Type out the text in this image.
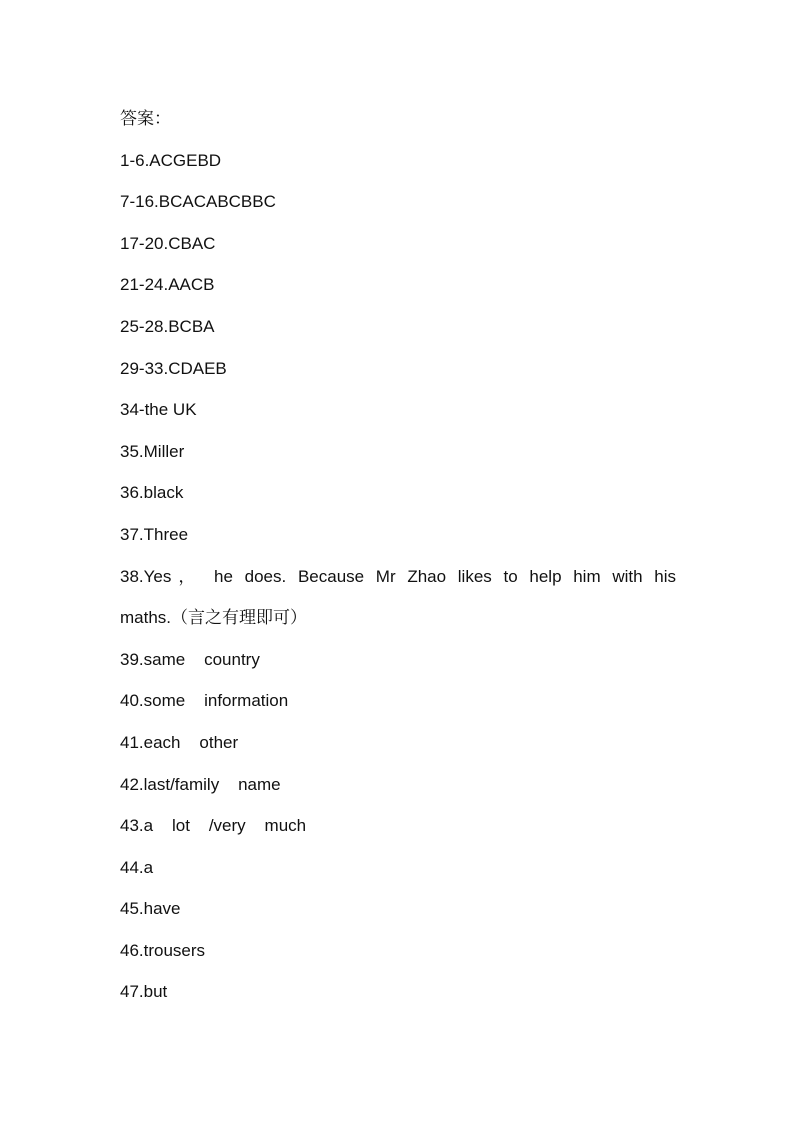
答案：
1-6.ACGEBD
7-16.BCACABCBBC
17-20.CBAC
21-24.AACB
25-28.BCBA
29-33.CDAEB
34-the UK
35.Miller
36.black
37.Three
38.Yes， he does. Because Mr Zhao likes to help him with his
maths.（言之有理即可）
39.same    country
40.some    information
41.each    other
42.last/family    name
43.a    lot    /very    much
44.a
45.have
46.trousers
47.but
